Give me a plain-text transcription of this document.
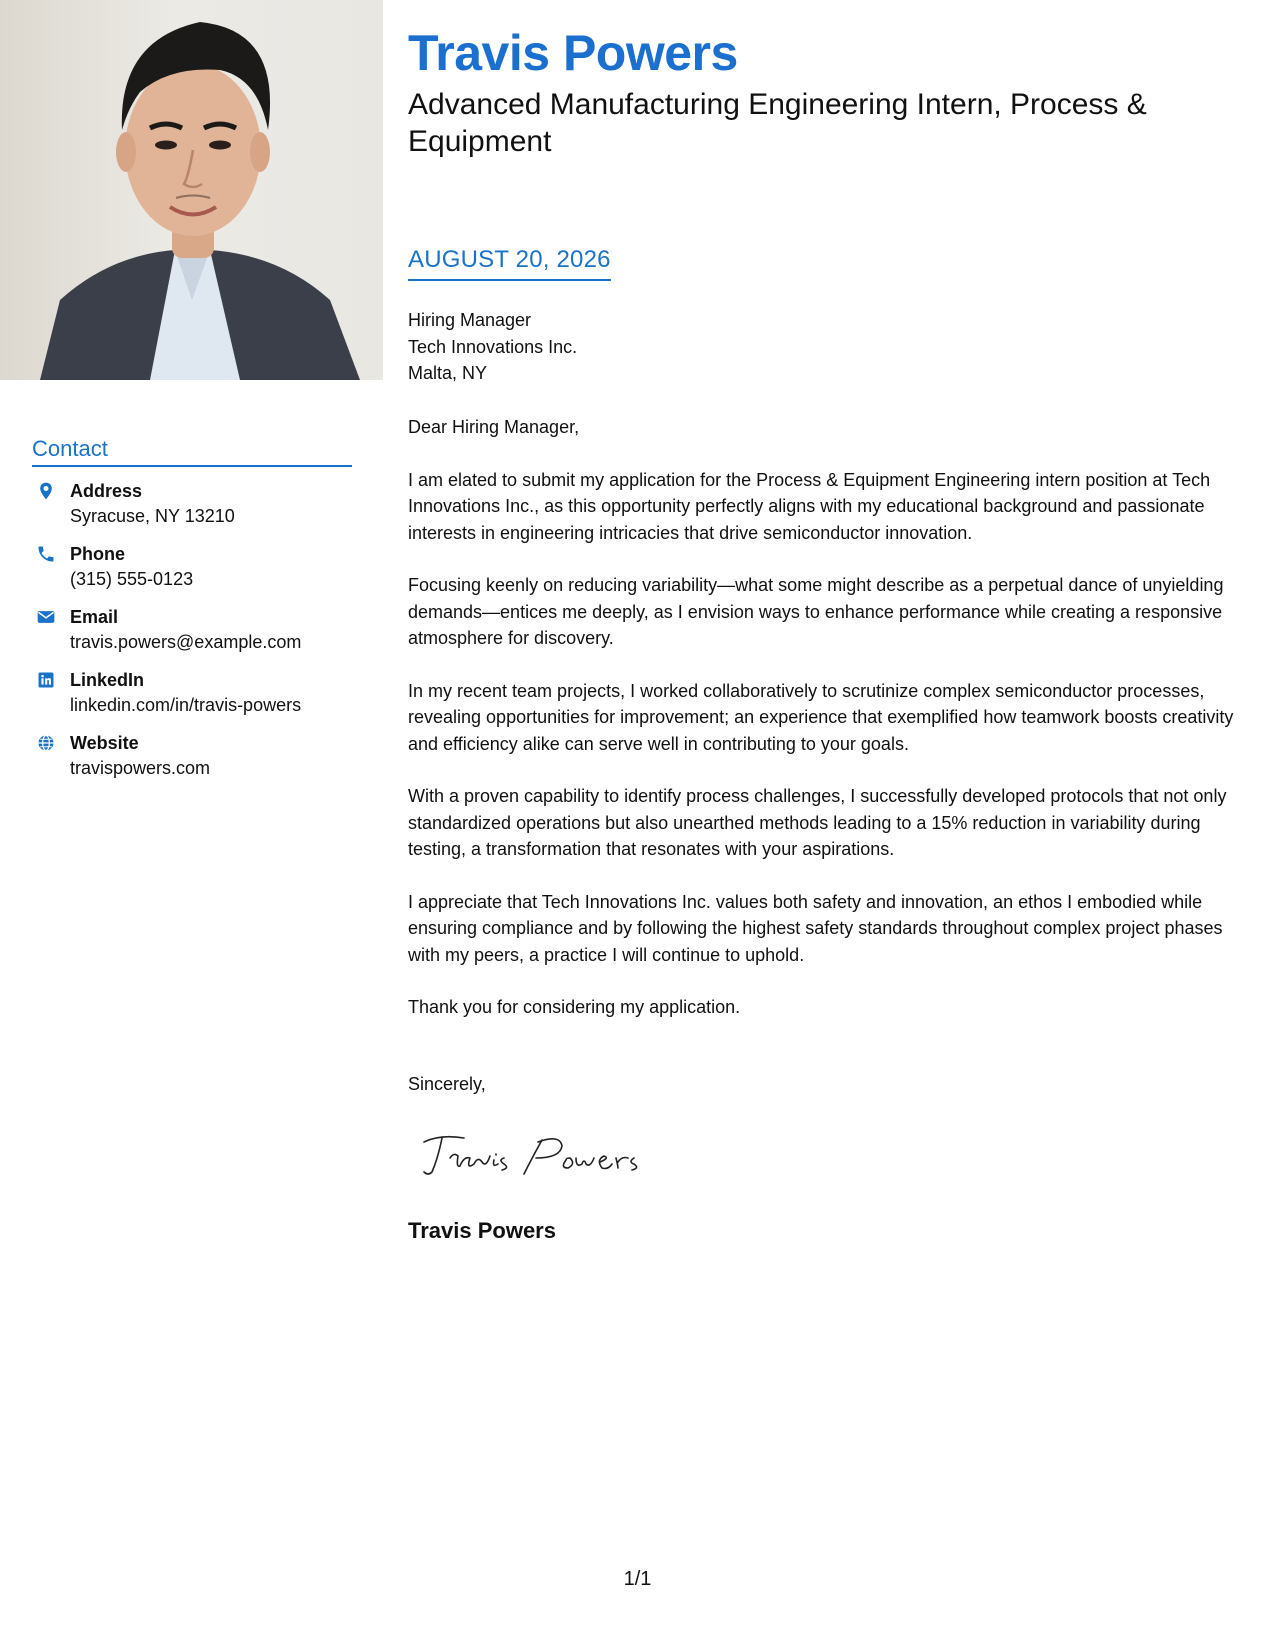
Contact
Address
Syracuse, NY 13210
Phone
(315) 555-0123
Email
travis.powers@example.com
LinkedIn
linkedin.com/in/travis-powers
Website
travispowers.com
Travis Powers
Advanced Manufacturing Engineering Intern, Process & Equipment
AUGUST 20, 2026
Hiring Manager
Tech Innovations Inc.
Malta, NY
Dear Hiring Manager,

I am elated to submit my application for the Process & Equipment Engineering intern position at Tech Innovations Inc., as this opportunity perfectly aligns with my educational background and passionate interests in engineering intricacies that drive semiconductor innovation.

Focusing keenly on reducing variability—what some might describe as a perpetual dance of unyielding demands—entices me deeply, as I envision ways to enhance performance while creating a responsive atmosphere for discovery.

In my recent team projects, I worked collaboratively to scrutinize complex semiconductor processes, revealing opportunities for improvement; an experience that exemplified how teamwork boosts creativity and efficiency alike can serve well in contributing to your goals.

With a proven capability to identify process challenges, I successfully developed protocols that not only standardized operations but also unearthed methods leading to a 15% reduction in variability during testing, a transformation that resonates with your aspirations.

I appreciate that Tech Innovations Inc. values both safety and innovation, an ethos I embodied while ensuring compliance and by following the highest safety standards throughout complex project phases with my peers, a practice I will continue to uphold.

Thank you for considering my application.

Sincerely,
Travis Powers
1/1
